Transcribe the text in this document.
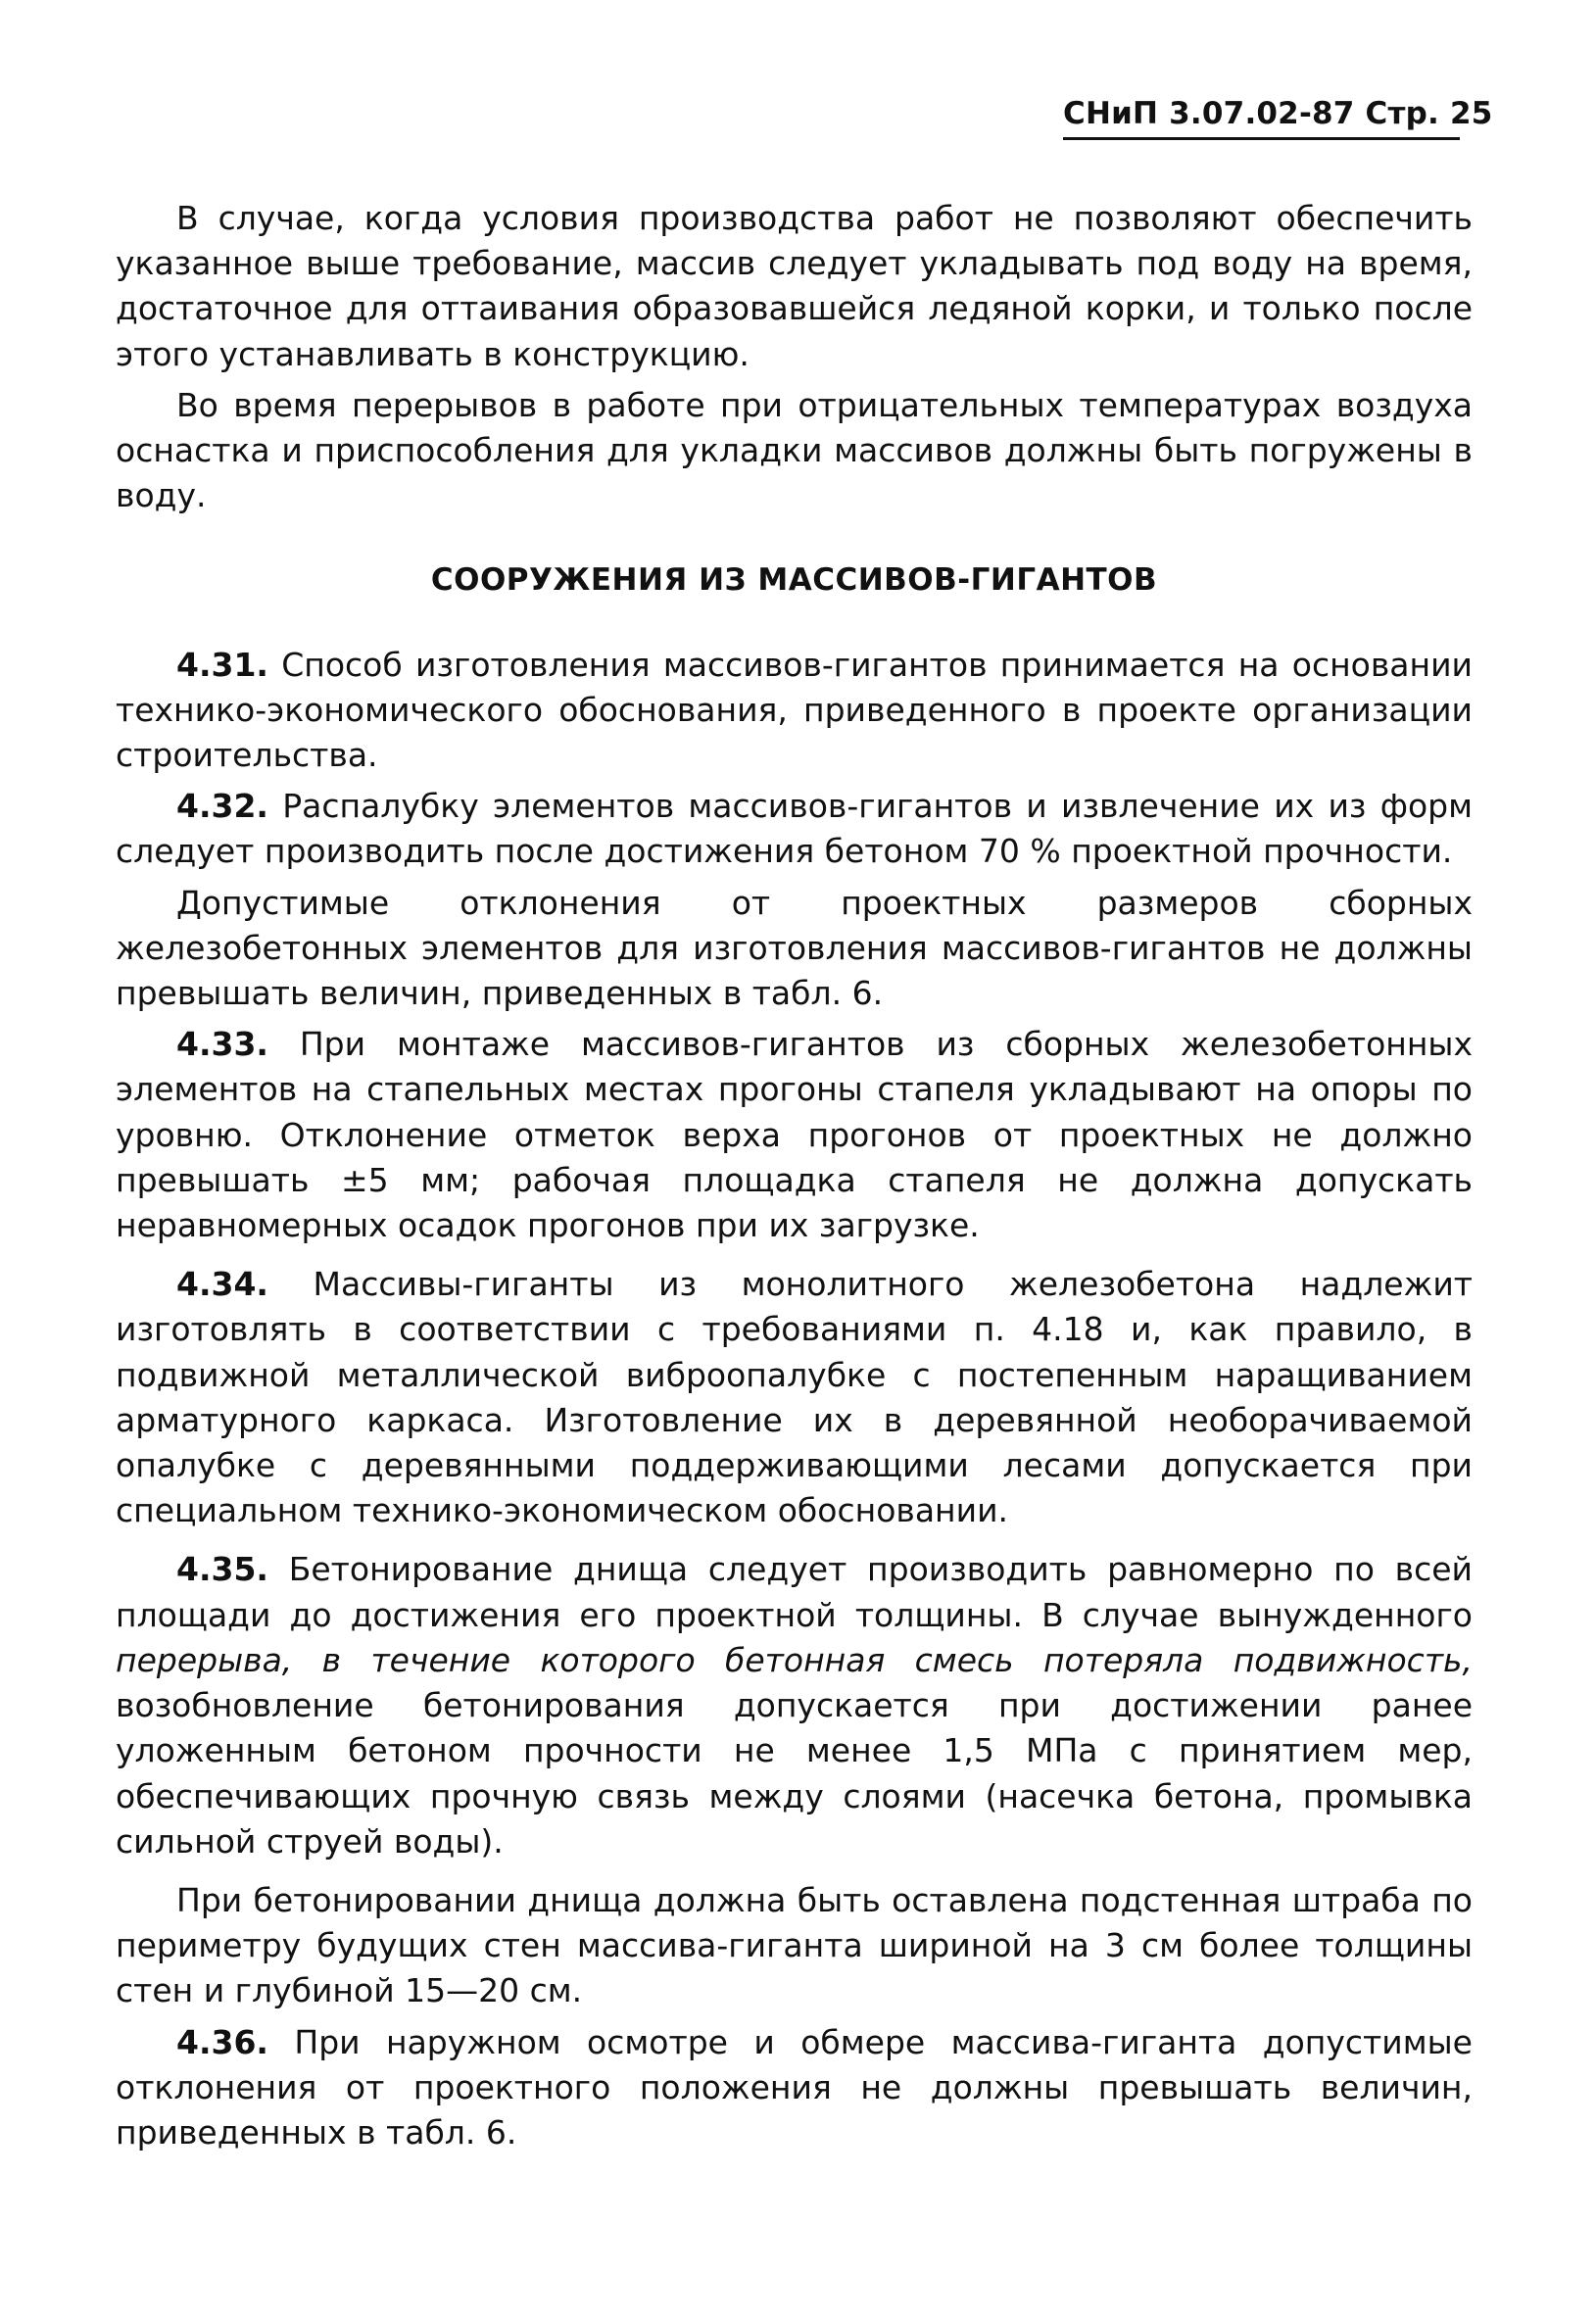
СНиП 3.07.02-87 Стр. 25

В случае, когда условия производства работ не позволяют обеспечить указанное выше требование, массив следует укладывать под воду на время, достаточное для оттаивания образовавшейся ледяной корки, и только после этого устанавливать в конструкцию.

Во время перерывов в работе при отрицательных температурах воздуха оснастка и приспособления для укладки массивов должны быть погружены в воду.

СООРУЖЕНИЯ ИЗ МАССИВОВ-ГИГАНТОВ

4.31. Способ изготовления массивов-гигантов принимается на основании технико-экономического обоснования, приведенного в проекте организации строительства.

4.32. Распалубку элементов массивов-гигантов и извлечение их из форм следует производить после достижения бетоном 70 % проектной прочности.

Допустимые отклонения от проектных размеров сборных железобетонных элементов для изготовления массивов-гигантов не должны превышать величин, приведенных в табл. 6.

4.33. При монтаже массивов-гигантов из сборных железобетонных элементов на стапельных местах прогоны стапеля укладывают на опоры по уровню. Отклонение отметок верха прогонов от проектных не должно превышать ±5 мм; рабочая площадка стапеля не должна допускать неравномерных осадок прогонов при их загрузке.

4.34. Массивы-гиганты из монолитного железобетона надлежит изготовлять в соответствии с требованиями п. 4.18 и, как правило, в подвижной металлической виброопалубке с постепенным наращиванием арматурного каркаса. Изготовление их в деревянной необорачиваемой опалубке с деревянными поддерживающими лесами допускается при специальном технико-экономическом обосновании.

4.35. Бетонирование днища следует производить равномерно по всей площади до достижения его проектной толщины. В случае вынужденного перерыва, в течение которого бетонная смесь потеряла подвижность, возобновление бетонирования допускается при достижении ранее уложенным бетоном прочности не менее 1,5 МПа с принятием мер, обеспечивающих прочную связь между слоями (насечка бетона, промывка сильной струей воды).

При бетонировании днища должна быть оставлена подстенная штраба по периметру будущих стен массива-гиганта шириной на 3 см более толщины стен и глубиной 15—20 см.

4.36. При наружном осмотре и обмере массива-гиганта допустимые отклонения от проектного положения не должны превышать величин, приведенных в табл. 6.
